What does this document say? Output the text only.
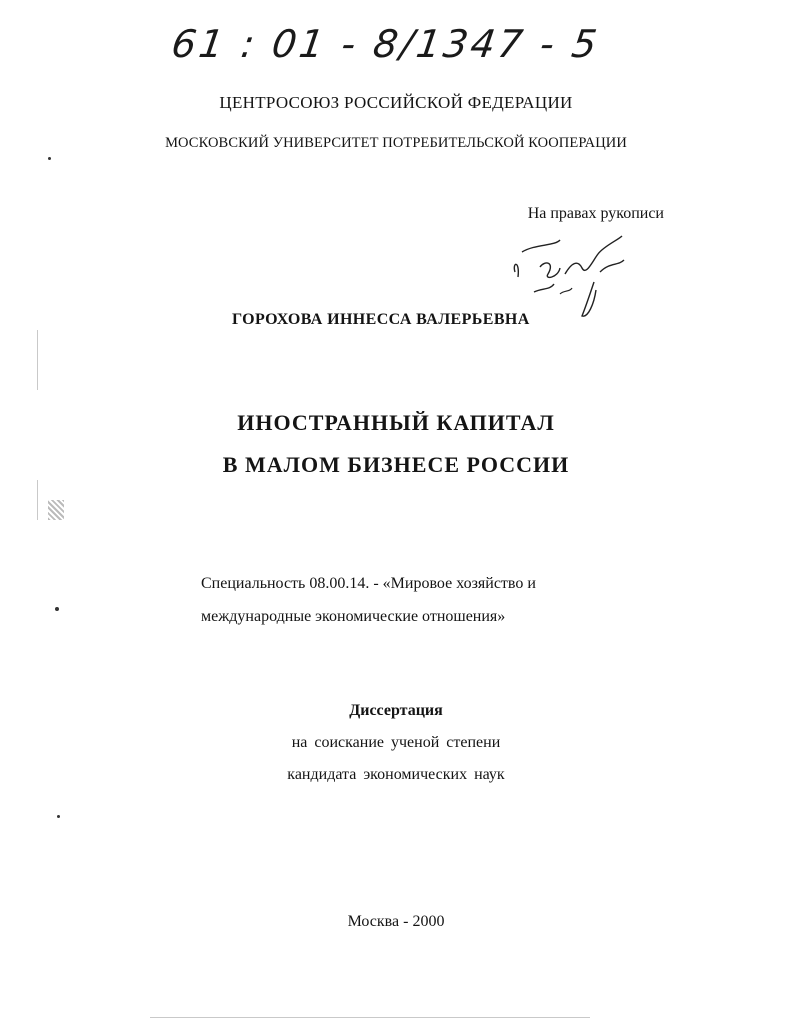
61 : 01 - 8/1347 - 5
ЦЕНТРОСОЮЗ РОССИЙСКОЙ ФЕДЕРАЦИИ
МОСКОВСКИЙ УНИВЕРСИТЕТ ПОТРЕБИТЕЛЬСКОЙ КООПЕРАЦИИ
На правах рукописи
ГОРОХОВА ИННЕССА ВАЛЕРЬЕВНА
ИНОСТРАННЫЙ КАПИТАЛ
В МАЛОМ БИЗНЕСЕ РОССИИ
Специальность 08.00.14. - «Мировое хозяйство и
международные экономические отношения»
Диссертация
на соискание ученой степени
кандидата экономических наук
Москва - 2000
